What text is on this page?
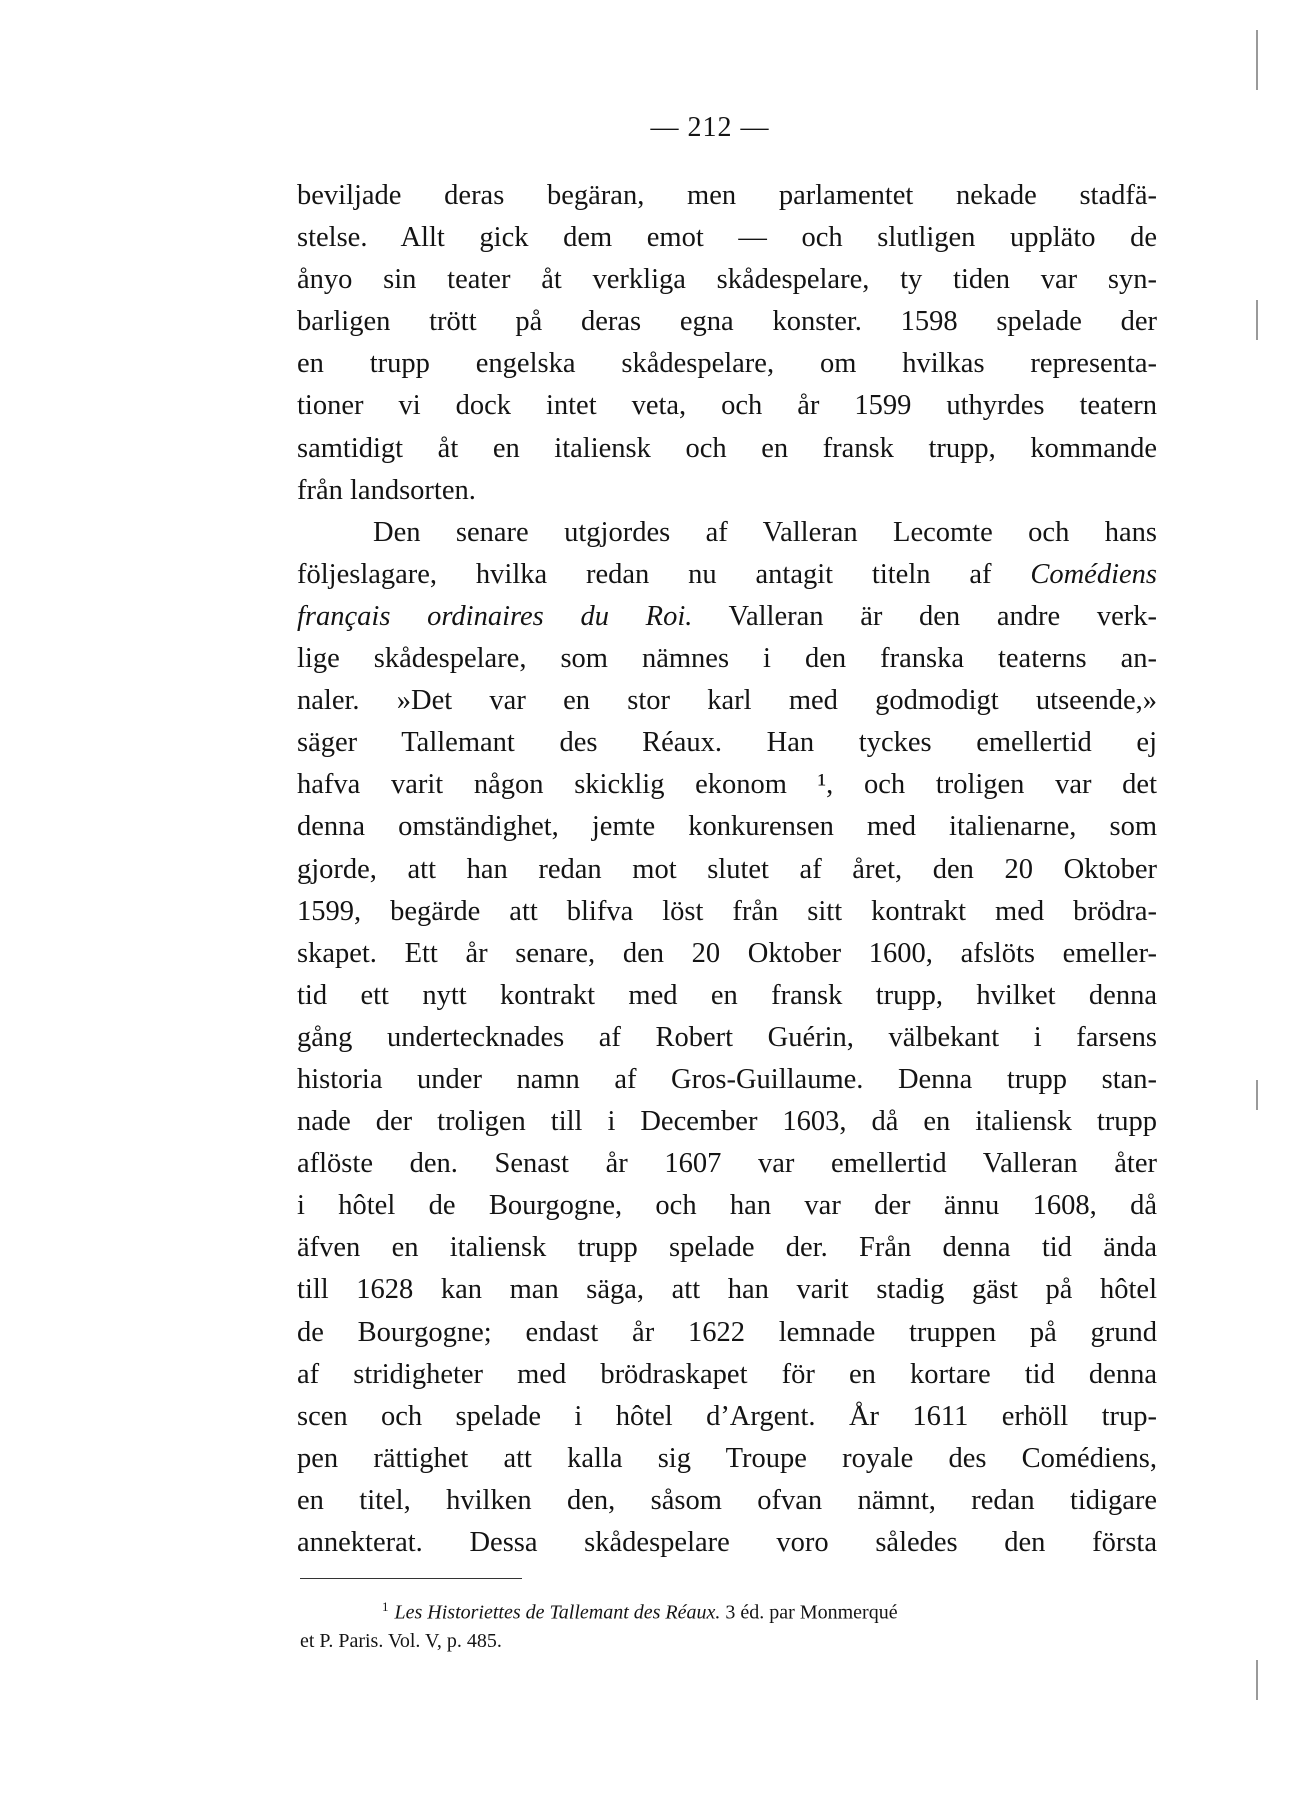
— 212 —
beviljade deras begäran, men parlamentet nekade stadfä-
stelse. Allt gick dem emot — och slutligen uppläto de
ånyo sin teater åt verkliga skådespelare, ty tiden var syn-
barligen trött på deras egna konster. 1598 spelade der
en trupp engelska skådespelare, om hvilkas representa-
tioner vi dock intet veta, och år 1599 uthyrdes teatern
samtidigt åt en italiensk och en fransk trupp, kommande
från landsorten.
Den senare utgjordes af Valleran Lecomte och hans
följeslagare, hvilka redan nu antagit titeln af Comédiens
français ordinaires du Roi. Valleran är den andre verk-
lige skådespelare, som nämnes i den franska teaterns an-
naler. »Det var en stor karl med godmodigt utseende,»
säger Tallemant des Réaux. Han tyckes emellertid ej
hafva varit någon skicklig ekonom ¹, och troligen var det
denna omständighet, jemte konkurensen med italienarne, som
gjorde, att han redan mot slutet af året, den 20 Oktober
1599, begärde att blifva löst från sitt kontrakt med brödra-
skapet. Ett år senare, den 20 Oktober 1600, afslöts emeller-
tid ett nytt kontrakt med en fransk trupp, hvilket denna
gång undertecknades af Robert Guérin, välbekant i farsens
historia under namn af Gros-Guillaume. Denna trupp stan-
nade der troligen till i December 1603, då en italiensk trupp
aflöste den. Senast år 1607 var emellertid Valleran åter
i hôtel de Bourgogne, och han var der ännu 1608, då
äfven en italiensk trupp spelade der. Från denna tid ända
till 1628 kan man säga, att han varit stadig gäst på hôtel
de Bourgogne; endast år 1622 lemnade truppen på grund
af stridigheter med brödraskapet för en kortare tid denna
scen och spelade i hôtel d’Argent. År 1611 erhöll trup-
pen rättighet att kalla sig Troupe royale des Comédiens,
en titel, hvilken den, såsom ofvan nämnt, redan tidigare
annekterat. Dessa skådespelare voro således den första
$^1$ Les Historiettes de Tallemant des Réaux. 3 éd. par Monmerqué
et P. Paris. Vol. V, p. 485.
